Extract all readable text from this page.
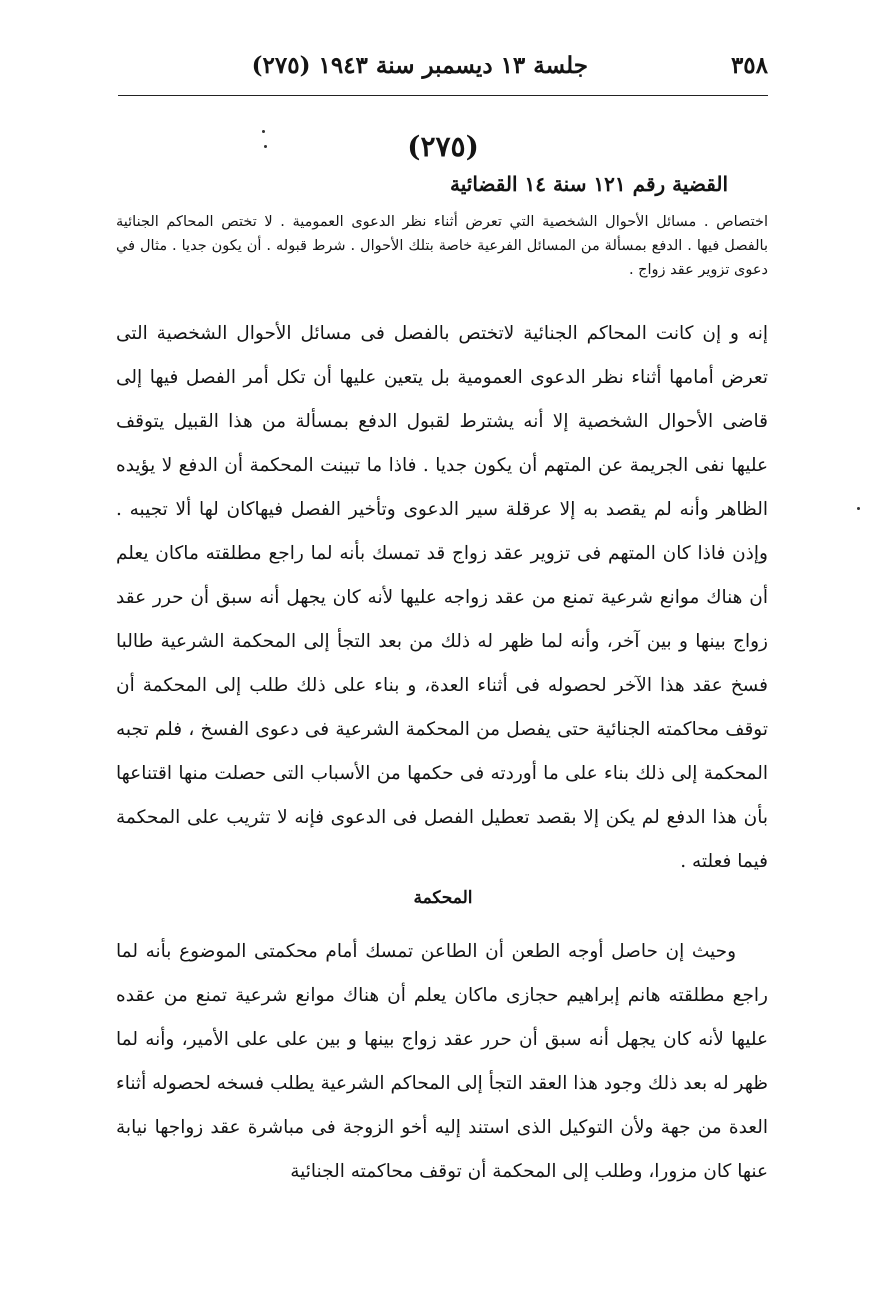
٣٥٨
جلسة ١٣ ديسمبر سنة ١٩٤٣ (٢٧٥)
(٢٧٥)
القضية رقم ١٢١ سنة ١٤ القضائية

اختصاص . مسائل الأحوال الشخصية التي تعرض أثناء نظر الدعوى العمومية . لا تختص المحاكم الجنائية بالفصل فيها . الدفع بمسألة من المسائل الفرعية خاصة بتلك الأحوال . شرط قبوله . أن يكون جديا . مثال في دعوى تزوير عقد زواج .

إنه و إن كانت المحاكم الجنائية لاتختص بالفصل فى مسائل الأحوال الشخصية التى تعرض أمامها أثناء نظر الدعوى العمومية بل يتعين عليها أن تكل أمر الفصل فيها إلى قاضى الأحوال الشخصية إلا أنه يشترط لقبول الدفع بمسألة من هذا القبيل يتوقف عليها نفى الجريمة عن المتهم أن يكون جديا . فاذا ما تبينت المحكمة أن الدفع لا يؤيده الظاهر وأنه لم يقصد به إلا عرقلة سير الدعوى وتأخير الفصل فيهاكان لها ألا تجيبه . وإذن فاذا كان المتهم فى تزوير عقد زواج قد تمسك بأنه لما راجع مطلقته ماكان يعلم أن هناك موانع شرعية تمنع من عقد زواجه عليها لأنه كان يجهل أنه سبق أن حرر عقد زواج بينها و بين آخر، وأنه لما ظهر له ذلك من بعد التجأ إلى المحكمة الشرعية طالبا فسخ عقد هذا الآخر لحصوله فى أثناء العدة، و بناء على ذلك طلب إلى المحكمة أن توقف محاكمته الجنائية حتى يفصل من المحكمة الشرعية فى دعوى الفسخ ، فلم تجبه المحكمة إلى ذلك بناء على ما أوردته فى حكمها من الأسباب التى حصلت منها اقتناعها بأن هذا الدفع لم يكن إلا بقصد تعطيل الفصل فى الدعوى فإنه لا تثريب على المحكمة فيما فعلته .

المحكمة

وحيث إن حاصل أوجه الطعن أن الطاعن تمسك أمام محكمتى الموضوع بأنه لما راجع مطلقته هانم إبراهيم حجازى ماكان يعلم أن هناك موانع شرعية تمنع من عقده عليها لأنه كان يجهل أنه سبق أن حرر عقد زواج بينها و بين على على الأمير، وأنه لما ظهر له بعد ذلك وجود هذا العقد التجأ إلى المحاكم الشرعية يطلب فسخه لحصوله أثناء العدة من جهة ولأن التوكيل الذى استند إليه أخو الزوجة فى مباشرة عقد زواجها نيابة عنها كان مزورا، وطلب إلى المحكمة أن توقف محاكمته الجنائية
